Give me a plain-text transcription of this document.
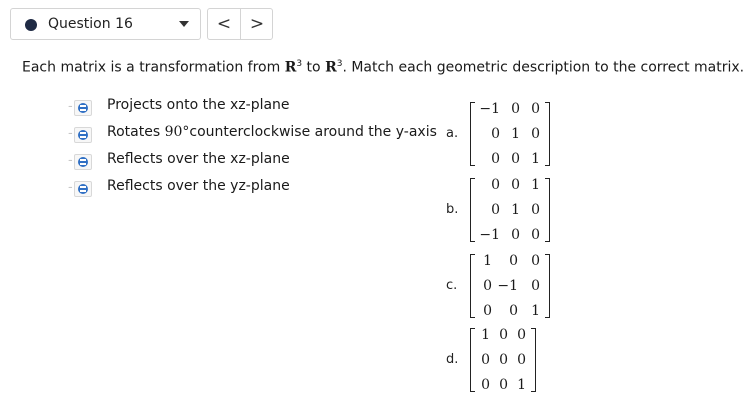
Question 16	<	>
Each matrix is a transformation from $R^3$ to $R^3$. Match each geometric description to the correct matrix.
- Projects onto the xz-plane
- Rotates 90°counterclockwise around the y-axis
- Reflects over the xz-plane
- Reflects over the yz-plane
a.
−1	0	0
0	1	0
0	0	1
b.
0	0	1
0	1	0
−1	0	0
c.
1	0	0
0	−1	0
0	0	1
d.
1	0	0
0	0	0
0	0	1
